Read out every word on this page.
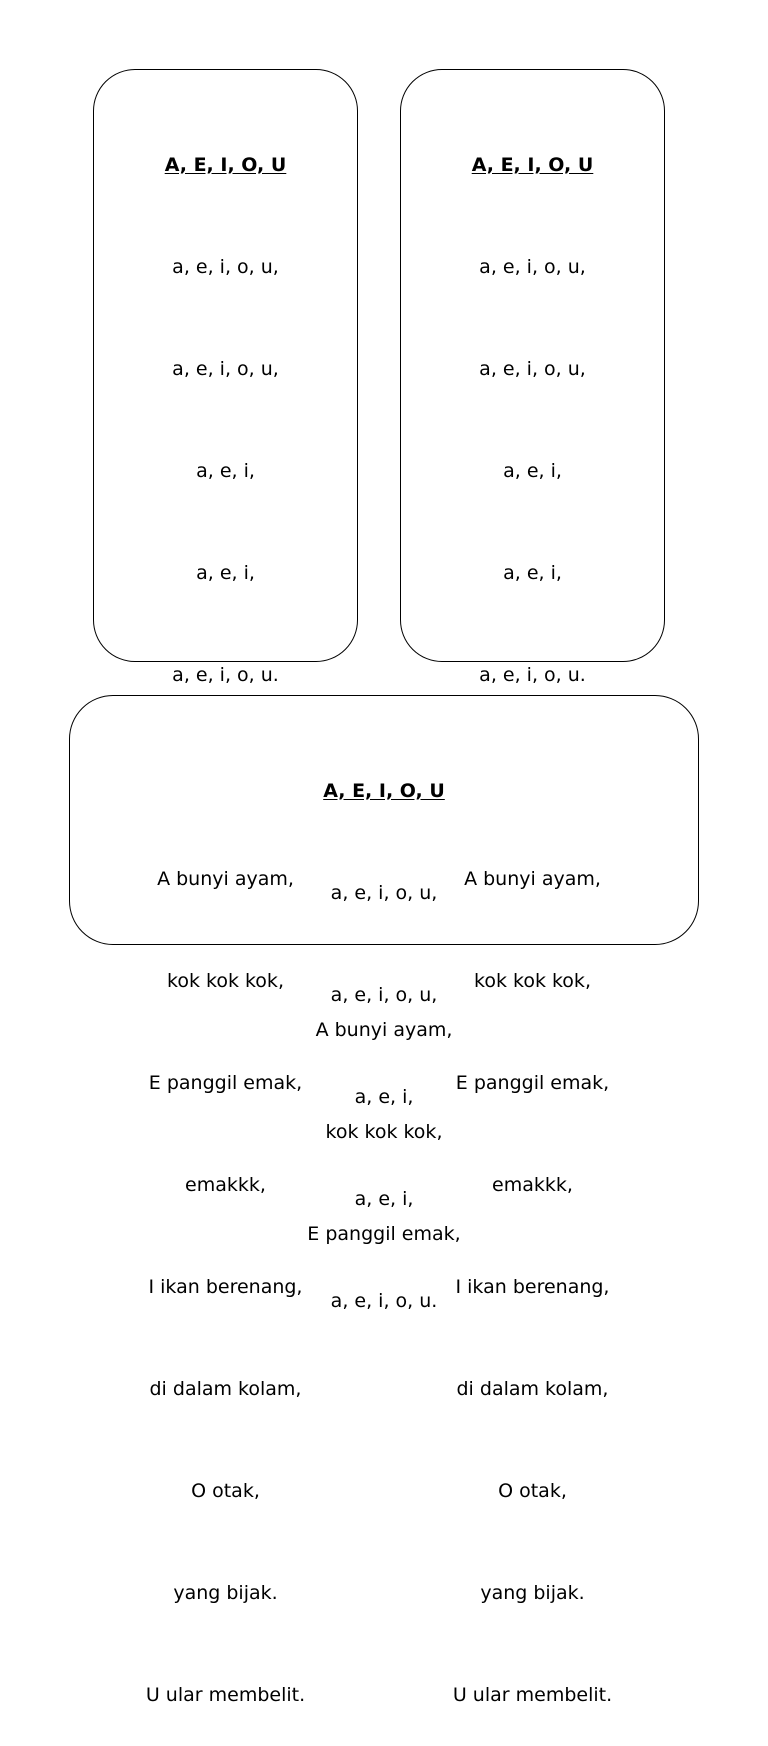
A, E, I, O, U

a, e, i, o, u,

a, e, i, o, u,

a, e, i,

a, e, i,

a, e, i, o, u.

A bunyi ayam,

kok kok kok,

E panggil emak,

emakkk,

I ikan berenang,

di dalam kolam,

O otak,

yang bijak.

U ular membelit.

A, E, I, O, U

a, e, i, o, u,

a, e, i, o, u,

a, e, i,

a, e, i,

a, e, i, o, u.

A bunyi ayam,

kok kok kok,

E panggil emak,

emakkk,

I ikan berenang,

di dalam kolam,

O otak,

yang bijak.

U ular membelit.

A, E, I, O, U

a, e, i, o, u,

a, e, i, o, u,

a, e, i,

a, e, i,

a, e, i, o, u.

A bunyi ayam,

kok kok kok,

E panggil emak,
